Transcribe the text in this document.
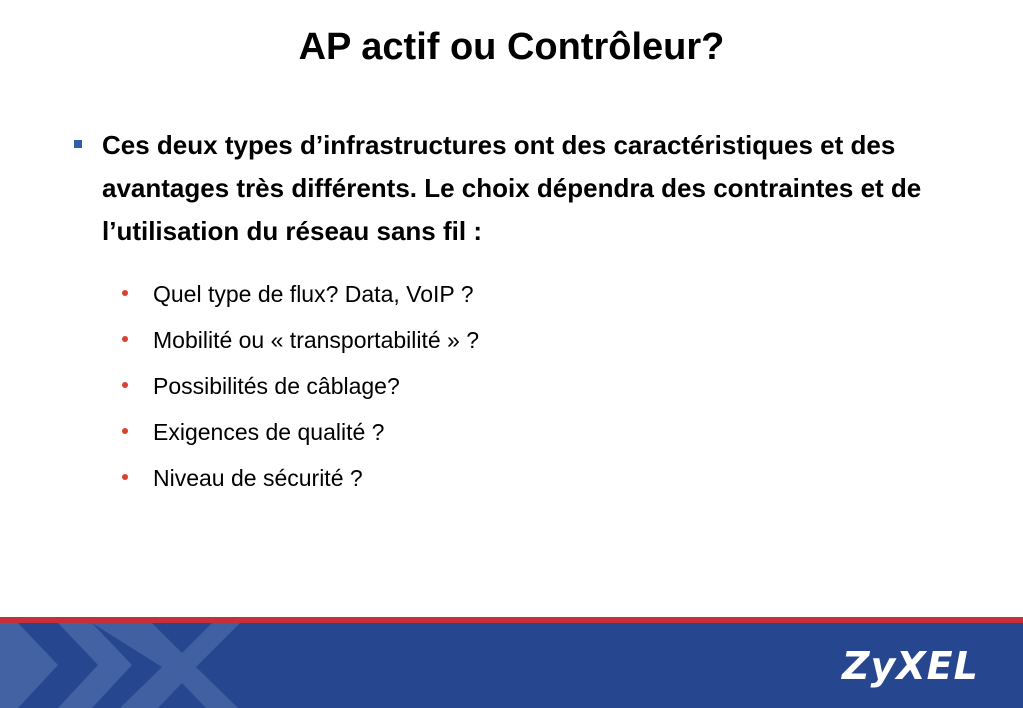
AP actif ou Contrôleur?
Ces deux types d’infrastructures ont des caractéristiques et des avantages très différents. Le choix dépendra des contraintes et de l’utilisation du réseau sans fil :
Quel type de flux? Data, VoIP ?
Mobilité ou « transportabilité » ?
Possibilités de câblage?
Exigences de qualité ?
Niveau de sécurité ?
ZyXEL
